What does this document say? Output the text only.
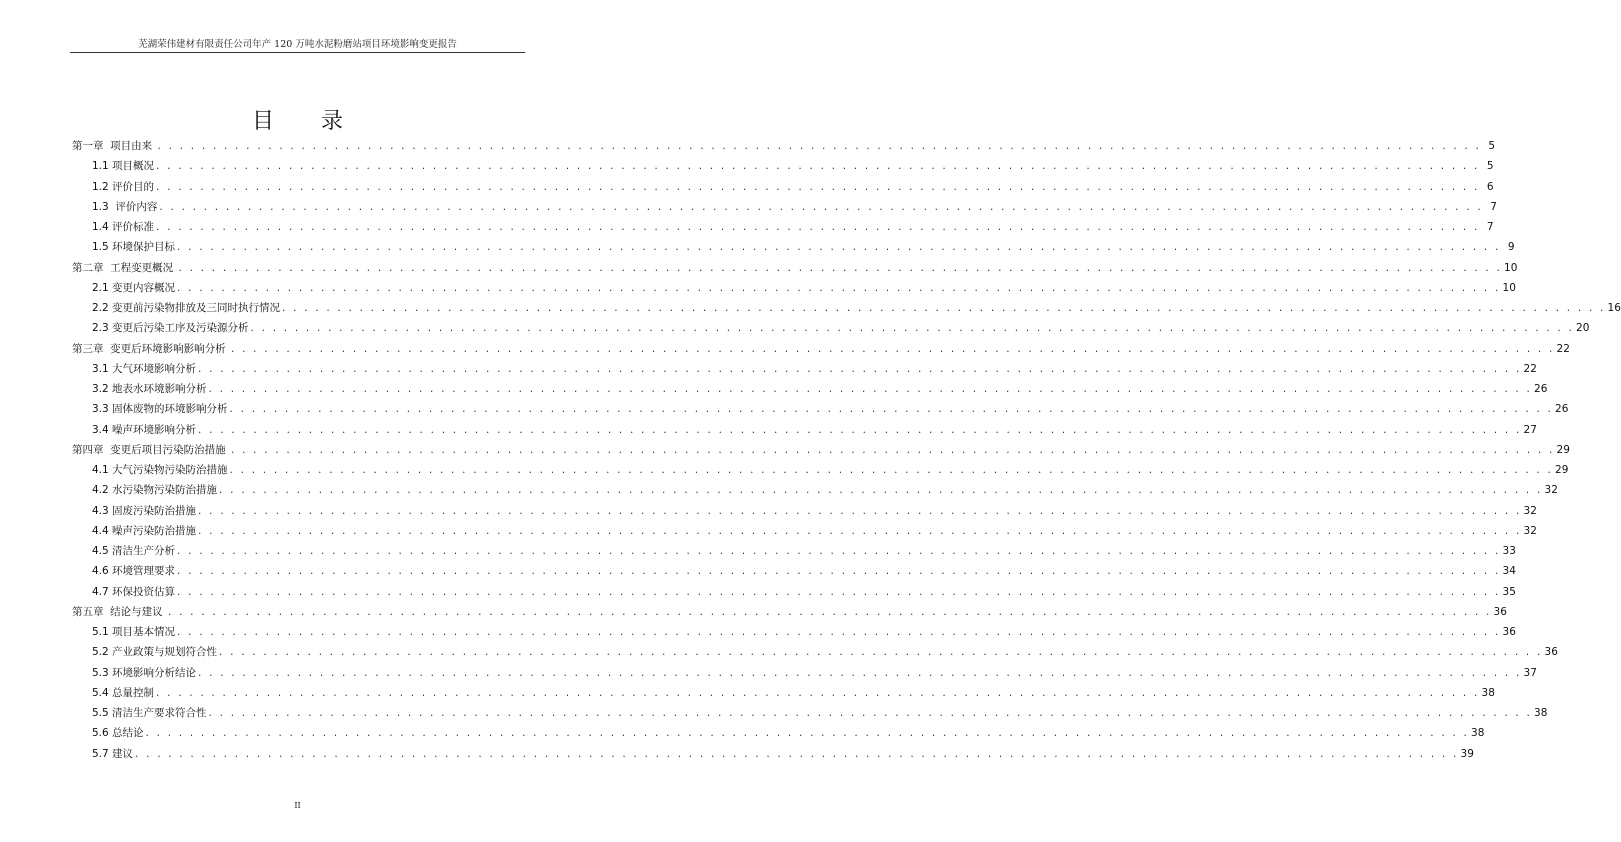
芜湖荣伟建材有限责任公司年产 120 万吨水泥粉磨站项目环境影响变更报告
目 录
第一章  项目由来 . . . . . . . . . . . . . . . . . . . . . . . . . . . . . . . . . . . . . . . . . . . . . . . . . . . . . . . . . . . . . . . . . . . . . . . . . . . . . . . . . . . . . . . . . . . . . . . . . . . . . . . . . . . . . . . . . . . . . . . . 5
1.1 项目概况 . . . . . . . . . . . . . . . . . . . . . . . . . . . . . . . . . . . . . . . . . . . . . . . . . . . . . . . . . . . . . . . . . . . . . . . . . . . . . . . . . . . . . . . . . . . . . . . . . . . . . . . . . . . . . . . . . . . . . . . . 5
1.2 评价目的 . . . . . . . . . . . . . . . . . . . . . . . . . . . . . . . . . . . . . . . . . . . . . . . . . . . . . . . . . . . . . . . . . . . . . . . . . . . . . . . . . . . . . . . . . . . . . . . . . . . . . . . . . . . . . . . . . . . . . . . . 6
1.3  评价内容 . . . . . . . . . . . . . . . . . . . . . . . . . . . . . . . . . . . . . . . . . . . . . . . . . . . . . . . . . . . . . . . . . . . . . . . . . . . . . . . . . . . . . . . . . . . . . . . . . . . . . . . . . . . . . . . . . . . . . . . . 7
1.4 评价标准 . . . . . . . . . . . . . . . . . . . . . . . . . . . . . . . . . . . . . . . . . . . . . . . . . . . . . . . . . . . . . . . . . . . . . . . . . . . . . . . . . . . . . . . . . . . . . . . . . . . . . . . . . . . . . . . . . . . . . . . . 7
1.5 环境保护目标 . . . . . . . . . . . . . . . . . . . . . . . . . . . . . . . . . . . . . . . . . . . . . . . . . . . . . . . . . . . . . . . . . . . . . . . . . . . . . . . . . . . . . . . . . . . . . . . . . . . . . . . . . . . . . . . . . . . . . . . . 9
第二章  工程变更概况 . . . . . . . . . . . . . . . . . . . . . . . . . . . . . . . . . . . . . . . . . . . . . . . . . . . . . . . . . . . . . . . . . . . . . . . . . . . . . . . . . . . . . . . . . . . . . . . . . . . . . . . . . . . . . . . . . . . . . . . . 10
2.1 变更内容概况 . . . . . . . . . . . . . . . . . . . . . . . . . . . . . . . . . . . . . . . . . . . . . . . . . . . . . . . . . . . . . . . . . . . . . . . . . . . . . . . . . . . . . . . . . . . . . . . . . . . . . . . . . . . . . . . . . . . . . . . . 10
2.2 变更前污染物排放及三同时执行情况 . . . . . . . . . . . . . . . . . . . . . . . . . . . . . . . . . . . . . . . . . . . . . . . . . . . . . . . . . . . . . . . . . . . . . . . . . . . . . . . . . . . . . . . . . . . . . . . . . . . . . . . . . . . . . . . . . . . . . . . . 16
2.3 变更后污染工序及污染源分析 . . . . . . . . . . . . . . . . . . . . . . . . . . . . . . . . . . . . . . . . . . . . . . . . . . . . . . . . . . . . . . . . . . . . . . . . . . . . . . . . . . . . . . . . . . . . . . . . . . . . . . . . . . . . . . . . . . . . . . . . 20
第三章  变更后环境影响影响分析 . . . . . . . . . . . . . . . . . . . . . . . . . . . . . . . . . . . . . . . . . . . . . . . . . . . . . . . . . . . . . . . . . . . . . . . . . . . . . . . . . . . . . . . . . . . . . . . . . . . . . . . . . . . . . . . . . . . . . . . . 22
3.1 大气环境影响分析 . . . . . . . . . . . . . . . . . . . . . . . . . . . . . . . . . . . . . . . . . . . . . . . . . . . . . . . . . . . . . . . . . . . . . . . . . . . . . . . . . . . . . . . . . . . . . . . . . . . . . . . . . . . . . . . . . . . . . . . . 22
3.2 地表水环境影响分析 . . . . . . . . . . . . . . . . . . . . . . . . . . . . . . . . . . . . . . . . . . . . . . . . . . . . . . . . . . . . . . . . . . . . . . . . . . . . . . . . . . . . . . . . . . . . . . . . . . . . . . . . . . . . . . . . . . . . . . . . 26
3.3 固体废物的环境影响分析 . . . . . . . . . . . . . . . . . . . . . . . . . . . . . . . . . . . . . . . . . . . . . . . . . . . . . . . . . . . . . . . . . . . . . . . . . . . . . . . . . . . . . . . . . . . . . . . . . . . . . . . . . . . . . . . . . . . . . . . . 26
3.4 噪声环境影响分析 . . . . . . . . . . . . . . . . . . . . . . . . . . . . . . . . . . . . . . . . . . . . . . . . . . . . . . . . . . . . . . . . . . . . . . . . . . . . . . . . . . . . . . . . . . . . . . . . . . . . . . . . . . . . . . . . . . . . . . . . 27
第四章  变更后项目污染防治措施 . . . . . . . . . . . . . . . . . . . . . . . . . . . . . . . . . . . . . . . . . . . . . . . . . . . . . . . . . . . . . . . . . . . . . . . . . . . . . . . . . . . . . . . . . . . . . . . . . . . . . . . . . . . . . . . . . . . . . . . . 29
4.1 大气污染物污染防治措施 . . . . . . . . . . . . . . . . . . . . . . . . . . . . . . . . . . . . . . . . . . . . . . . . . . . . . . . . . . . . . . . . . . . . . . . . . . . . . . . . . . . . . . . . . . . . . . . . . . . . . . . . . . . . . . . . . . . . . . . . 29
4.2 水污染物污染防治措施 . . . . . . . . . . . . . . . . . . . . . . . . . . . . . . . . . . . . . . . . . . . . . . . . . . . . . . . . . . . . . . . . . . . . . . . . . . . . . . . . . . . . . . . . . . . . . . . . . . . . . . . . . . . . . . . . . . . . . . . . 32
4.3 固废污染防治措施 . . . . . . . . . . . . . . . . . . . . . . . . . . . . . . . . . . . . . . . . . . . . . . . . . . . . . . . . . . . . . . . . . . . . . . . . . . . . . . . . . . . . . . . . . . . . . . . . . . . . . . . . . . . . . . . . . . . . . . . . 32
4.4 噪声污染防治措施 . . . . . . . . . . . . . . . . . . . . . . . . . . . . . . . . . . . . . . . . . . . . . . . . . . . . . . . . . . . . . . . . . . . . . . . . . . . . . . . . . . . . . . . . . . . . . . . . . . . . . . . . . . . . . . . . . . . . . . . . 32
4.5 清洁生产分析 . . . . . . . . . . . . . . . . . . . . . . . . . . . . . . . . . . . . . . . . . . . . . . . . . . . . . . . . . . . . . . . . . . . . . . . . . . . . . . . . . . . . . . . . . . . . . . . . . . . . . . . . . . . . . . . . . . . . . . . . 33
4.6 环境管理要求 . . . . . . . . . . . . . . . . . . . . . . . . . . . . . . . . . . . . . . . . . . . . . . . . . . . . . . . . . . . . . . . . . . . . . . . . . . . . . . . . . . . . . . . . . . . . . . . . . . . . . . . . . . . . . . . . . . . . . . . . 34
4.7 环保投资估算 . . . . . . . . . . . . . . . . . . . . . . . . . . . . . . . . . . . . . . . . . . . . . . . . . . . . . . . . . . . . . . . . . . . . . . . . . . . . . . . . . . . . . . . . . . . . . . . . . . . . . . . . . . . . . . . . . . . . . . . . 35
第五章  结论与建议 . . . . . . . . . . . . . . . . . . . . . . . . . . . . . . . . . . . . . . . . . . . . . . . . . . . . . . . . . . . . . . . . . . . . . . . . . . . . . . . . . . . . . . . . . . . . . . . . . . . . . . . . . . . . . . . . . . . . . . . . 36
5.1 项目基本情况 . . . . . . . . . . . . . . . . . . . . . . . . . . . . . . . . . . . . . . . . . . . . . . . . . . . . . . . . . . . . . . . . . . . . . . . . . . . . . . . . . . . . . . . . . . . . . . . . . . . . . . . . . . . . . . . . . . . . . . . . 36
5.2 产业政策与规划符合性 . . . . . . . . . . . . . . . . . . . . . . . . . . . . . . . . . . . . . . . . . . . . . . . . . . . . . . . . . . . . . . . . . . . . . . . . . . . . . . . . . . . . . . . . . . . . . . . . . . . . . . . . . . . . . . . . . . . . . . . . 36
5.3 环境影响分析结论 . . . . . . . . . . . . . . . . . . . . . . . . . . . . . . . . . . . . . . . . . . . . . . . . . . . . . . . . . . . . . . . . . . . . . . . . . . . . . . . . . . . . . . . . . . . . . . . . . . . . . . . . . . . . . . . . . . . . . . . . 37
5.4 总量控制 . . . . . . . . . . . . . . . . . . . . . . . . . . . . . . . . . . . . . . . . . . . . . . . . . . . . . . . . . . . . . . . . . . . . . . . . . . . . . . . . . . . . . . . . . . . . . . . . . . . . . . . . . . . . . . . . . . . . . . . . 38
5.5 清洁生产要求符合性 . . . . . . . . . . . . . . . . . . . . . . . . . . . . . . . . . . . . . . . . . . . . . . . . . . . . . . . . . . . . . . . . . . . . . . . . . . . . . . . . . . . . . . . . . . . . . . . . . . . . . . . . . . . . . . . . . . . . . . . . 38
5.6 总结论 . . . . . . . . . . . . . . . . . . . . . . . . . . . . . . . . . . . . . . . . . . . . . . . . . . . . . . . . . . . . . . . . . . . . . . . . . . . . . . . . . . . . . . . . . . . . . . . . . . . . . . . . . . . . . . . . . . . . . . . . 38
5.7 建议 . . . . . . . . . . . . . . . . . . . . . . . . . . . . . . . . . . . . . . . . . . . . . . . . . . . . . . . . . . . . . . . . . . . . . . . . . . . . . . . . . . . . . . . . . . . . . . . . . . . . . . . . . . . . . . . . . . . . . . . . 39
II
